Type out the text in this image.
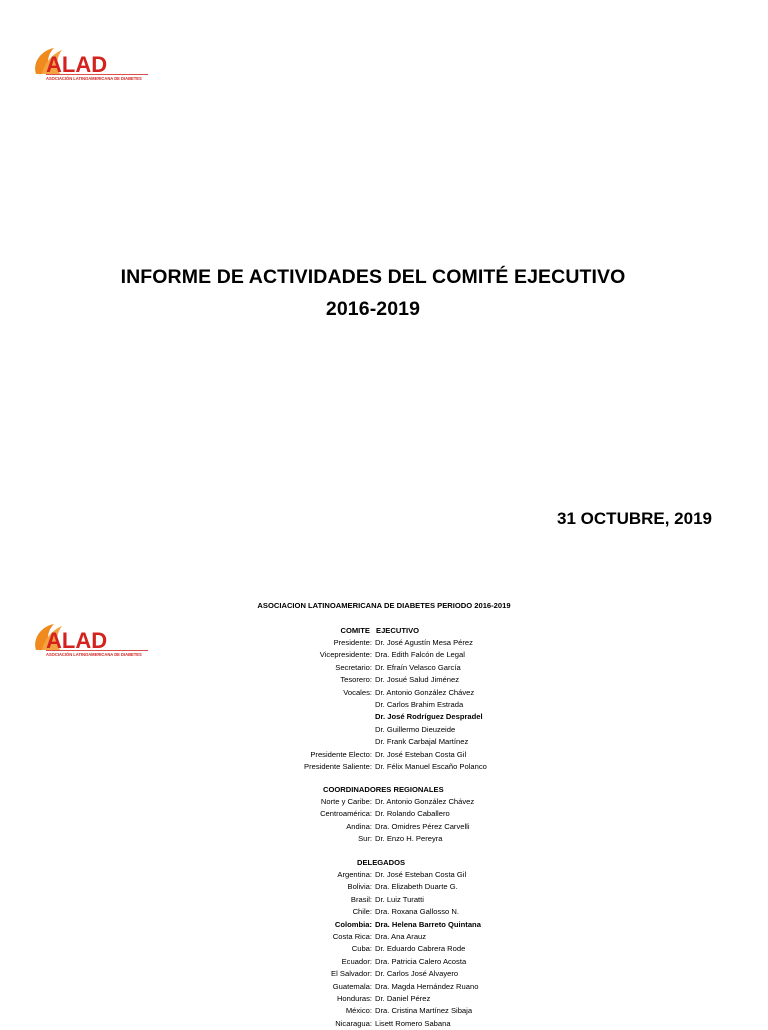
ALAD
ASOCIACIÓN LATINOAMERICANA DE DIABETES
INFORME DE ACTIVIDADES DEL COMITÉ EJECUTIVO
2016-2019
31 OCTUBRE, 2019
ALAD
ASOCIACIÓN LATINOAMERICANA DE DIABETES
ASOCIACION LATINOAMERICANA DE DIABETES PERIODO 2016-2019
COMITE EJECUTIVO
Presidente: Dr. José Agustín Mesa Pérez
Vicepresidente: Dra. Edith Falcón de Legal
Secretario: Dr. Efraín Velasco García
Tesorero: Dr. Josué Salud Jiménez
Vocales: Dr. Antonio González Chávez
Dr. Carlos Brahim Estrada
Dr. José Rodríguez Despradel
Dr. Guillermo Dieuzeide
Dr. Frank Carbajal Martínez
Presidente Electo: Dr. José Esteban Costa Gil
Presidente Saliente: Dr. Félix Manuel Escaño Polanco
COORDINADORES REGIONALES
Norte y Caribe: Dr. Antonio González Chávez
Centroamérica: Dr. Rolando Caballero
Andina: Dra. Omidres Pérez Carvelli
Sur: Dr. Enzo H. Pereyra
DELEGADOS
Argentina: Dr. José Esteban Costa Gil
Bolivia: Dra. Elizabeth Duarte G.
Brasil: Dr. Luiz Turatti
Chile: Dra. Roxana Gallosso N.
Colombia: Dra. Helena Barreto Quintana
Costa Rica: Dra. Ana Arauz
Cuba: Dr. Eduardo Cabrera Rode
Ecuador: Dra. Patricia Calero Acosta
El Salvador: Dr. Carlos José Alvayero
Guatemala: Dra. Magda Hernández Ruano
Honduras: Dr. Daniel Pérez
México: Dra. Cristina Martínez Sibaja
Nicaragua: Lisett Romero Sabana
